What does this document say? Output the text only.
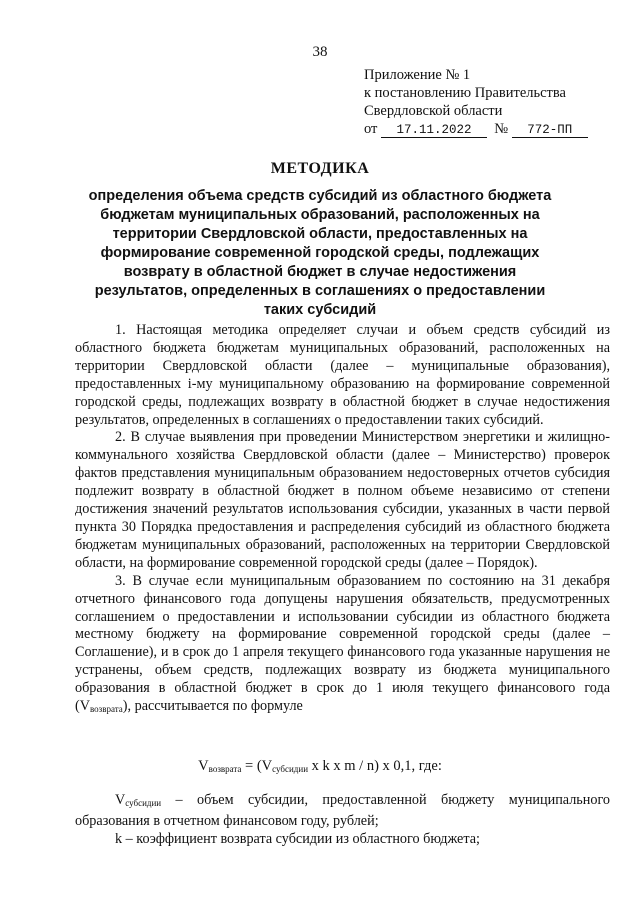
38
Приложение № 1
к постановлению Правительства
Свердловской области
от 17.11.2022 № 772-ПП
МЕТОДИКА
определения объема средств субсидий из областного бюджета бюджетам муниципальных образований, расположенных на территории Свердловской области, предоставленных на формирование современной городской среды, подлежащих возврату в областной бюджет в случае недостижения результатов, определенных в соглашениях о предоставлении таких субсидий

1. Настоящая методика определяет случаи и объем средств субсидий из областного бюджета бюджетам муниципальных образований, расположенных на территории Свердловской области (далее – муниципальные образования), предоставленных i-му муниципальному образованию на формирование современной городской среды, подлежащих возврату в областной бюджет в случае недостижения результатов, определенных в соглашениях о предоставлении таких субсидий.

2. В случае выявления при проведении Министерством энергетики и жилищно-коммунального хозяйства Свердловской области (далее – Министерство) проверок фактов представления муниципальным образованием недостоверных отчетов субсидия подлежит возврату в областной бюджет в полном объеме независимо от степени достижения значений результатов использования субсидии, указанных в части первой пункта 30 Порядка предоставления и распределения субсидий из областного бюджета бюджетам муниципальных образований, расположенных на территории Свердловской области, на формирование современной городской среды (далее – Порядок).

3. В случае если муниципальным образованием по состоянию на 31 декабря отчетного финансового года допущены нарушения обязательств, предусмотренных соглашением о предоставлении и использовании субсидии из областного бюджета местному бюджету на формирование современной городской среды (далее – Соглашение), и в срок до 1 апреля текущего финансового года указанные нарушения не устранены, объем средств, подлежащих возврату из бюджета муниципального образования в областной бюджет в срок до 1 июля текущего финансового года $(V_{возврата})$, рассчитывается по формуле

$V_{возврата} = (V_{субсидии}$ x k x m / n) x 0,1, где:

$V_{субсидии}$ – объем субсидии, предоставленной бюджету муниципального образования в отчетном финансовом году, рублей;

k – коэффициент возврата субсидии из областного бюджета;
